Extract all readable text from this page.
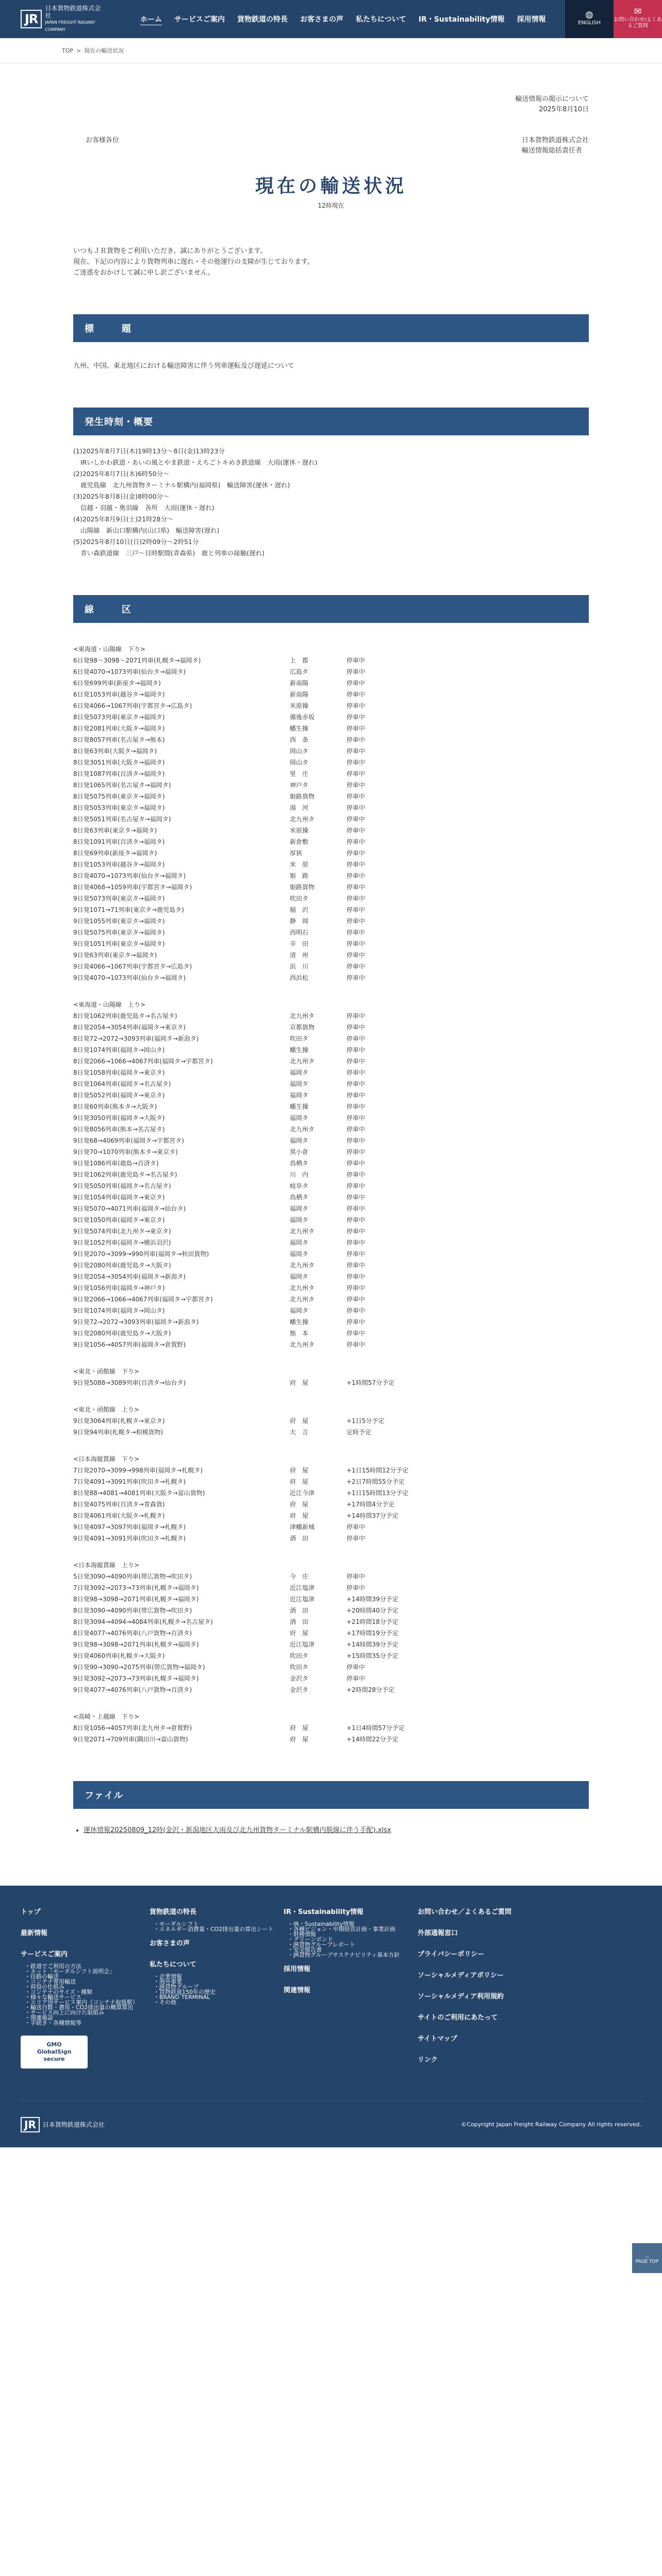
JR
日本貨物鉄道株式会社
JAPAN FREIGHT RAILWAY COMPANY
ホーム	サービスご案内	貨物鉄道の特長	お客さまの声	私たちについて	IR・Sustainability情報	採用情報	◍
ENGLISH
✉
お問い合わせ/よくあるご質問
TOP > 現在の輸送状況
輸送情報の掲示について
2025年8月10日
お客様各位	日本貨物鉄道株式会社
輸送情報総括責任者
現在の輸送状況
12時現在
いつもＪＲ貨物をご利用いただき、誠にありがとうございます。
現在、下記の内容により貨物列車に遅れ・その他運行の支障が生じております。
ご迷惑をおかけして誠に申し訳ございません。
標　　題

九州、中国、東北地区における輸送障害に伴う列車運転及び遅延について

発生時刻・概要
(1)2025年8月7日(木)19時13分～8日(金)13時23分
IRいしかわ鉄道・あいの風とやま鉄道・えちごトキめき鉄道線　大雨(運休・遅れ)
(2)2025年8月7日(木)6時50分～
鹿児島線　北九州貨物ターミナル駅構内(福岡県)　輸送障害(運休・遅れ)
(3)2025年8月8日(金)8時00分～
信越・羽越・奥羽線　各所　大雨(運休・遅れ)
(4)2025年8月9日(土)21時28分～
山陽線　新山口駅構内(山口県)　輸送障害(遅れ)
(5)2025年8月10日(日)2時09分～2時51分
青い森鉄道線　三戸～目時駅間(青森県)　鹿と列車の接触(遅れ)
線　　区
<東海道・山陽線　下り>
6日発98～3098～2071列車(札幌タ→福岡タ)	上　郡	停車中
6日発4070→1073列車(仙台タ→福岡タ)	広島タ	停車中
6日発699列車(新座タ→福岡タ)	新南陽	停車中
6日発1053列車(越谷タ→福岡タ)	新南陽	停車中
6日発4066→1067列車(宇都宮タ→広島タ)	米原操	停車中
8日発5073列車(東京タ→福岡タ)	備後赤坂	停車中
8日発2081列車(大阪タ→福岡タ)	幡生操	停車中
8日発8057列車(名古屋タ→熊本)	西　条	停車中
8日発63列車(大阪タ→福岡タ)	岡山タ	停車中
8日発3051列車(大阪タ→福岡タ)	岡山タ	停車中
8日発1087列車(百済タ→福岡タ)	里　庄	停車中
8日発1065列車(名古屋タ→福岡タ)	神戸タ	停車中
8日発5075列車(東京タ→福岡タ)	姫路貨物	停車中
8日発5053列車(東京タ→福岡タ)	湯　河	停車中
8日発5051列車(名古屋タ→福岡タ)	北九州タ	停車中
8日発63列車(東京タ→福岡タ)	米原操	停車中
8日発1091列車(百済タ→福岡タ)	新倉敷	停車中
8日発69列車(新座タ→福岡タ)	厚狭	停車中
8日発1053列車(越谷タ→福岡タ)	米　原	停車中
8日発4070→1073列車(仙台タ→福岡タ)	姫　路	停車中
8日発4068→1059列車(宇都宮タ→福岡タ)	姫路貨物	停車中
9日発5073列車(東京タ→福岡タ)	吹田タ	停車中
9日発1071→71列車(東京タ→鹿児島タ)	稲　沢	停車中
9日発1055列車(東京タ→福岡タ)	静　岡	停車中
9日発5075列車(東京タ→福岡タ)	西明石	停車中
9日発1051列車(東京タ→福岡タ)	辛　田	停車中
9日発63列車(東京タ→福岡タ)	清　州	停車中
9日発4066→1067列車(宇都宮タ→広島タ)	浜　川	停車中
9日発4070→1073列車(仙台タ→福岡タ)	西浜松	停車中
<東海道・山陽線　上り>
8日発1062列車(鹿児島タ→名古屋タ)	北九州タ	停車中
8日発2054→3054列車(福岡タ→東京タ)	京都貨物	停車中
8日発72→2072→3093列車(福岡タ→新潟タ)	吹田タ	停車中
8日発1074列車(福岡タ→岡山タ)	幡生操	停車中
8日発2066→1066→4067列車(福岡タ→宇都宮タ)	北九州タ	停車中
8日発1058列車(福岡タ→東京タ)	福岡タ	停車中
8日発1064列車(福岡タ→名古屋タ)	福岡タ	停車中
8日発5052列車(福岡タ→東京タ)	福岡タ	停車中
8日発60列車(熊本タ→大阪タ)	幡生操	停車中
9日発3050列車(福岡タ→大阪タ)	福岡タ	停車中
9日発8056列車(熊本→名古屋タ)	北九州タ	停車中
9日発68→4069列車(福岡タ→宇都宮タ)	福岡タ	停車中
9日発70→1070列車(熊本タ→東京タ)	黒小倉	停車中
9日発1086列車(鹿島→百済タ)	鳥栖タ	停車中
9日発1062列車(鹿児島タ→名古屋タ)	川　内	停車中
9日発5050列車(福岡タ→名古屋タ)	岐阜タ	停車中
9日発1054列車(福岡タ→東京タ)	鳥栖タ	停車中
9日発5070→4071列車(福岡タ→仙台タ)	福岡タ	停車中
9日発1050列車(福岡タ→東京タ)	福岡タ	停車中
9日発5074列車(北九州タ→東京タ)	北九州タ	停車中
9日発1052列車(福岡タ→横浜羽沢)	福岡タ	停車中
9日発2070→3099→990列車(福岡タ→秋田貨物)	福岡タ	停車中
9日発2080列車(鹿児島タ→大阪タ)	北九州タ	停車中
9日発2054→3054列車(福岡タ→新潟タ)	福岡タ	停車中
9日発1056列車(福岡タ→神戸タ)	北九州タ	停車中
9日発2066→1066→4067列車(福岡タ→宇都宮タ)	北九州タ	停車中
9日発1074列車(福岡タ→岡山タ)	福岡タ	停車中
9日発72→2072→3093列車(福岡タ→新潟タ)	幡生操	停車中
9日発2080列車(鹿児島タ→大阪タ)	熊　本	停車中
9日発1056→4057列車(福岡タ→倉賀野)	北九州タ	停車中
<東北・函館線　下り>
9日発5088→3089列車(百済タ→仙台タ)	府　屋	+1時間57分予定
<東北・函館線　上り>
9日発3064列車(札幌タ→東京タ)	府　屋	+1日5分予定
9日発94列車(札幌タ→相模貨物)	大　言	定時予定
<日本海縦貫線　下り>
7日発2070→3099→998列車(福岡タ→札幌タ)	府　屋	+1日15時間12分予定
7日発4091→3091列車(吹田タ→札幌タ)	府　屋	+2日7時間55分予定
8日発88→4081→4081列車(大阪タ→富山貨物)	近江今津	+1日15時間13分予定
8日発4075列車(百済タ→青森貨)	府　屋	+17時間4分予定
8日発4061列車(大阪タ→札幌タ)	府　屋	+14時間37分予定
9日発4097→3097列車(福岡タ→札幌タ)	津幡新城	停車中
9日発4091→3091列車(吹田タ→札幌タ)	酒　田	停車中
<日本海縦貫線　上り>
5日発3090→4090列車(帯広貨物→吹田タ)	今　庄	停車中
7日発3092→2073→73列車(札幌タ→福岡タ)	近江塩津	停車中
8日発98→3098→2071列車(札幌タ→福岡タ)	近江塩津	+14時間39分予定
8日発3090→4090列車(帯広貨物→吹田タ)	酒　田	+20時間40分予定
8日発3094→4094→4084列車(札幌タ→名古屋タ)	酒　田	+21時間18分予定
8日発4077→4076列車(八戸貨物→百済タ)	府　屋	+17時間19分予定
9日発98→3098→2071列車(札幌タ→福岡タ)	近江塩津	+14時間39分予定
9日発4060列車(札幌タ→大阪タ)	吹田タ	+15時間35分予定
9日発90→3090→2075列車(帯広貨物→福岡タ)	吹田タ	停車中
9日発3092→2073→73列車(札幌タ→福岡タ)	金沢タ	停車中
9日発4077→4076列車(八戸貨物→百済タ)	金沢タ	+2時間28分予定
<高崎・上越線　下り>
8日発1056→4057列車(北九州タ→倉賀野)	府　屋	+1日4時間57分予定
9日発2071→709列車(隅田川→富山貨物)	府　屋	+14時間22分予定
ファイル
• 運休情報20250809_12時(金沢・新潟地区大雨及び北九州貨物ターミナル駅構内脱線に伴う手配).xlsx
︿
PAGE TOP
トップ
最新情報
サービスご案内
・鉄道でご利用の方法
・ネット「モーダルシフト説明会」
・往路の輸送
・コンテナ専用輸送
・荷役の仕組み
・コンテナのサイズ・種類
・様々な輸送サービス
・エリア別サービス案内（コンテナ取扱駅）
・輸送日数・費用・CO2排出量の概算算出
・サービス向上に向けた取組み
・関連施設
・手続き・各種情報等
GMO
GlobalSign
secure
貨物鉄道の特長
・モーダルシフト
・エネルギー消費量・CO2排出量の算出シート
お客さまの声
私たちについて
・企業情報
・海外事業
・JR貨物グループ
・貨物鉄道150年の歴史
・BRAND TERMINAL
・その他
IR・Sustainability情報
・IR・Sustainability情報
・各種ビジョン・中期経営計画・事業計画
・財務情報
・グリーンボンド
・JR貨物グループレポート
・安全報告書
・JR貨物グループサステナビリティ基本方針
採用情報
関連情報
お問い合わせ／よくあるご質問
外部通報窓口
プライバシーポリシー
ソーシャルメディアポリシー
ソーシャルメディア利用規約
サイトのご利用にあたって
サイトマップ
リンク
JR	日本貨物鉄道株式会社	©Copyright Japan Freight Railway Company All rights reserved.
